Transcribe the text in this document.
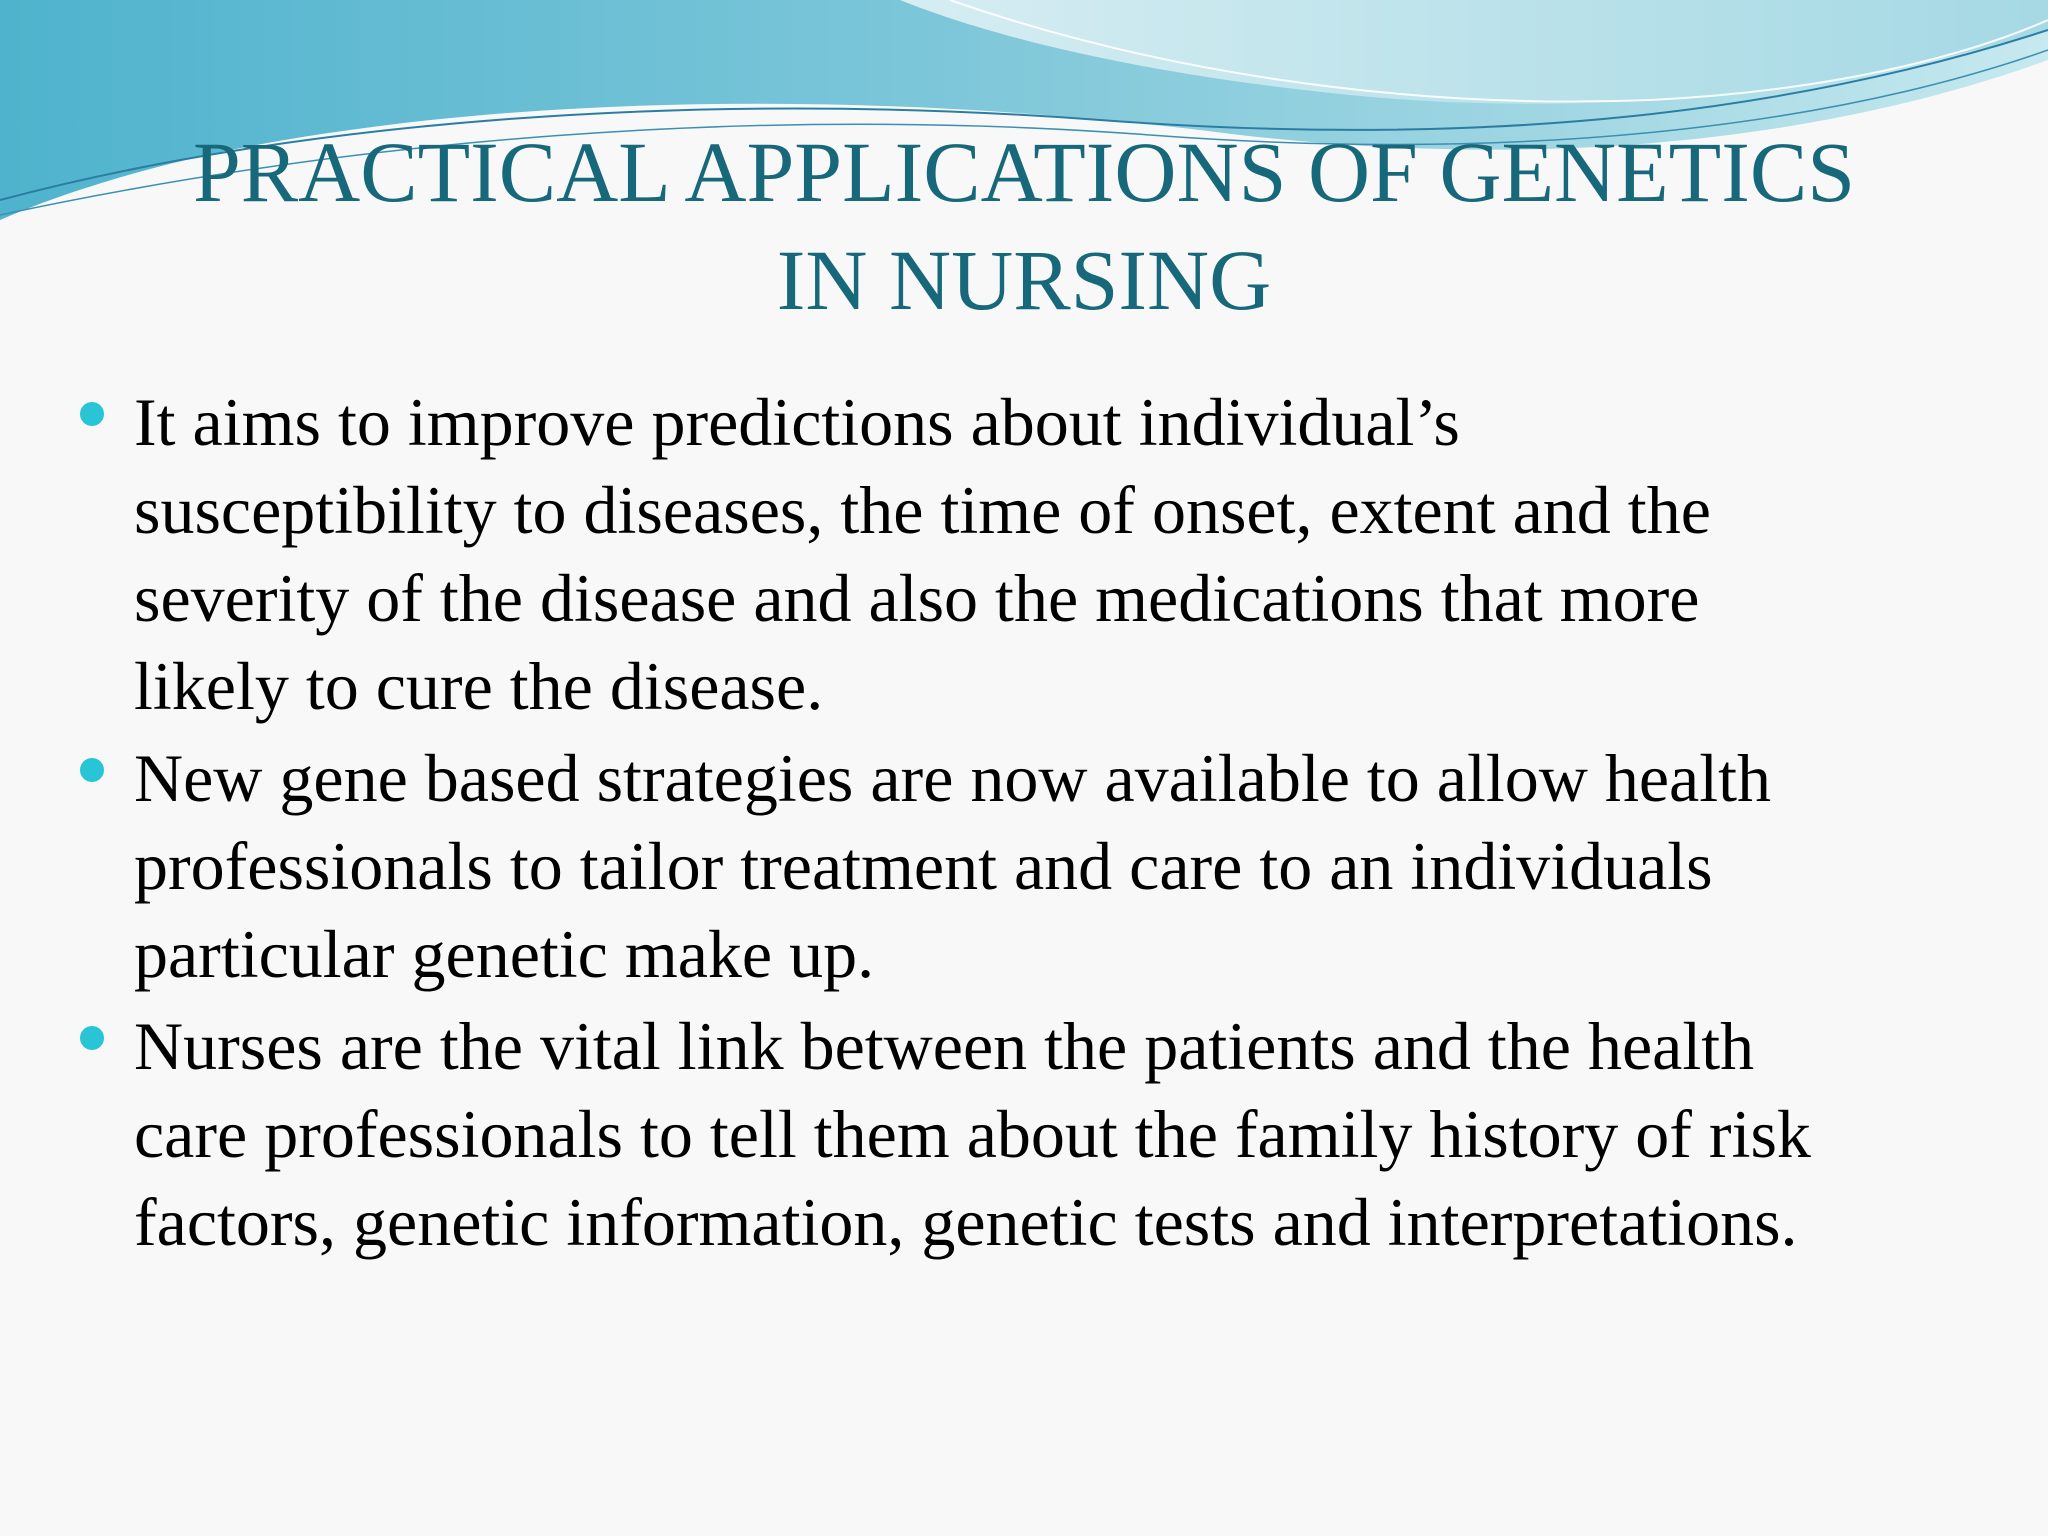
PRACTICAL APPLICATIONS OF GENETICS
IN NURSING
It aims to improve predictions about individual’s
susceptibility to diseases, the time of onset, extent and the
severity of the disease and also the medications that more
likely to cure the disease.
New gene based strategies are now available to allow health
professionals to tailor treatment and care to an individuals
particular genetic make up.
Nurses are the vital link between the patients and the health
care professionals to tell them about the family history of risk
factors, genetic information, genetic tests and interpretations.
